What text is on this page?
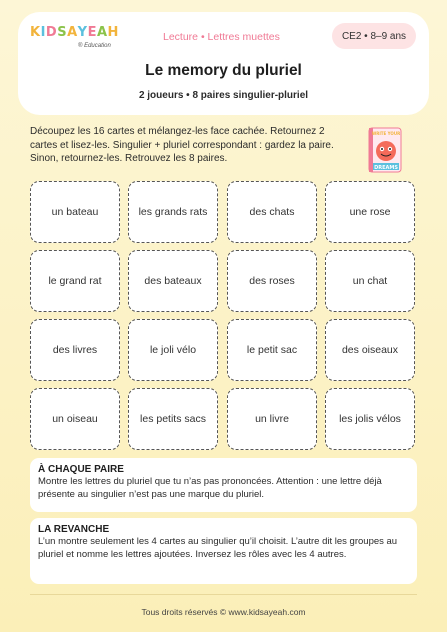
K I D S A Y E A H
® Education
Lecture • Lettres muettes	CE2 • 8–9 ans
Le memory du pluriel
2 joueurs • 8 paires singulier-pluriel
Découpez les 16 cartes et mélangez-les face cachée. Retournez 2 cartes et lisez-les. Singulier + pluriel correspondant : gardez la paire. Sinon, retournez-les. Retrouvez les 8 paires.
WRITE YOUR
DREAMS
un bateau	les grands rats	des chats	une rose
le grand rat	des bateaux	des roses	un chat
des livres	le joli vélo	le petit sac	des oiseaux
un oiseau	les petits sacs	un livre	les jolis vélos
À CHAQUE PAIRE
Montre les lettres du pluriel que tu n’as pas prononcées. Attention : une lettre déjà présente au singulier n’est pas une marque du pluriel.
LA REVANCHE
L’un montre seulement les 4 cartes au singulier qu’il choisit. L’autre dit les groupes au pluriel et nomme les lettres ajoutées. Inversez les rôles avec les 4 autres.
Tous droits réservés © www.kidsayeah.com
